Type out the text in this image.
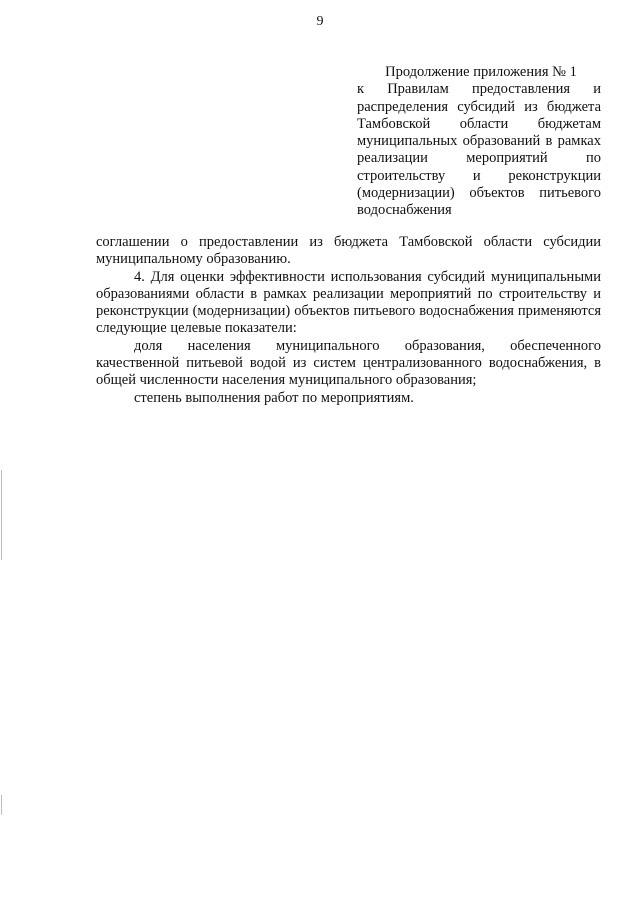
9
Продолжение приложения № 1
к Правилам предоставления и распределения субсидий из бюджета Тамбовской области бюджетам муниципальных образований в рамках реализации мероприятий по строительству и реконструкции (модернизации) объектов питьевого водоснабжения

соглашении о предоставлении из бюджета Тамбовской области субсидии муниципальному образованию.

4. Для оценки эффективности использования субсидий муниципальными образованиями области в рамках реализации мероприятий по строительству и реконструкции (модернизации) объектов питьевого водоснабжения применяются следующие целевые показатели:

доля населения муниципального образования, обеспеченного качественной питьевой водой из систем централизованного водоснабжения, в общей численности населения муниципального образования;

степень выполнения работ по мероприятиям.
